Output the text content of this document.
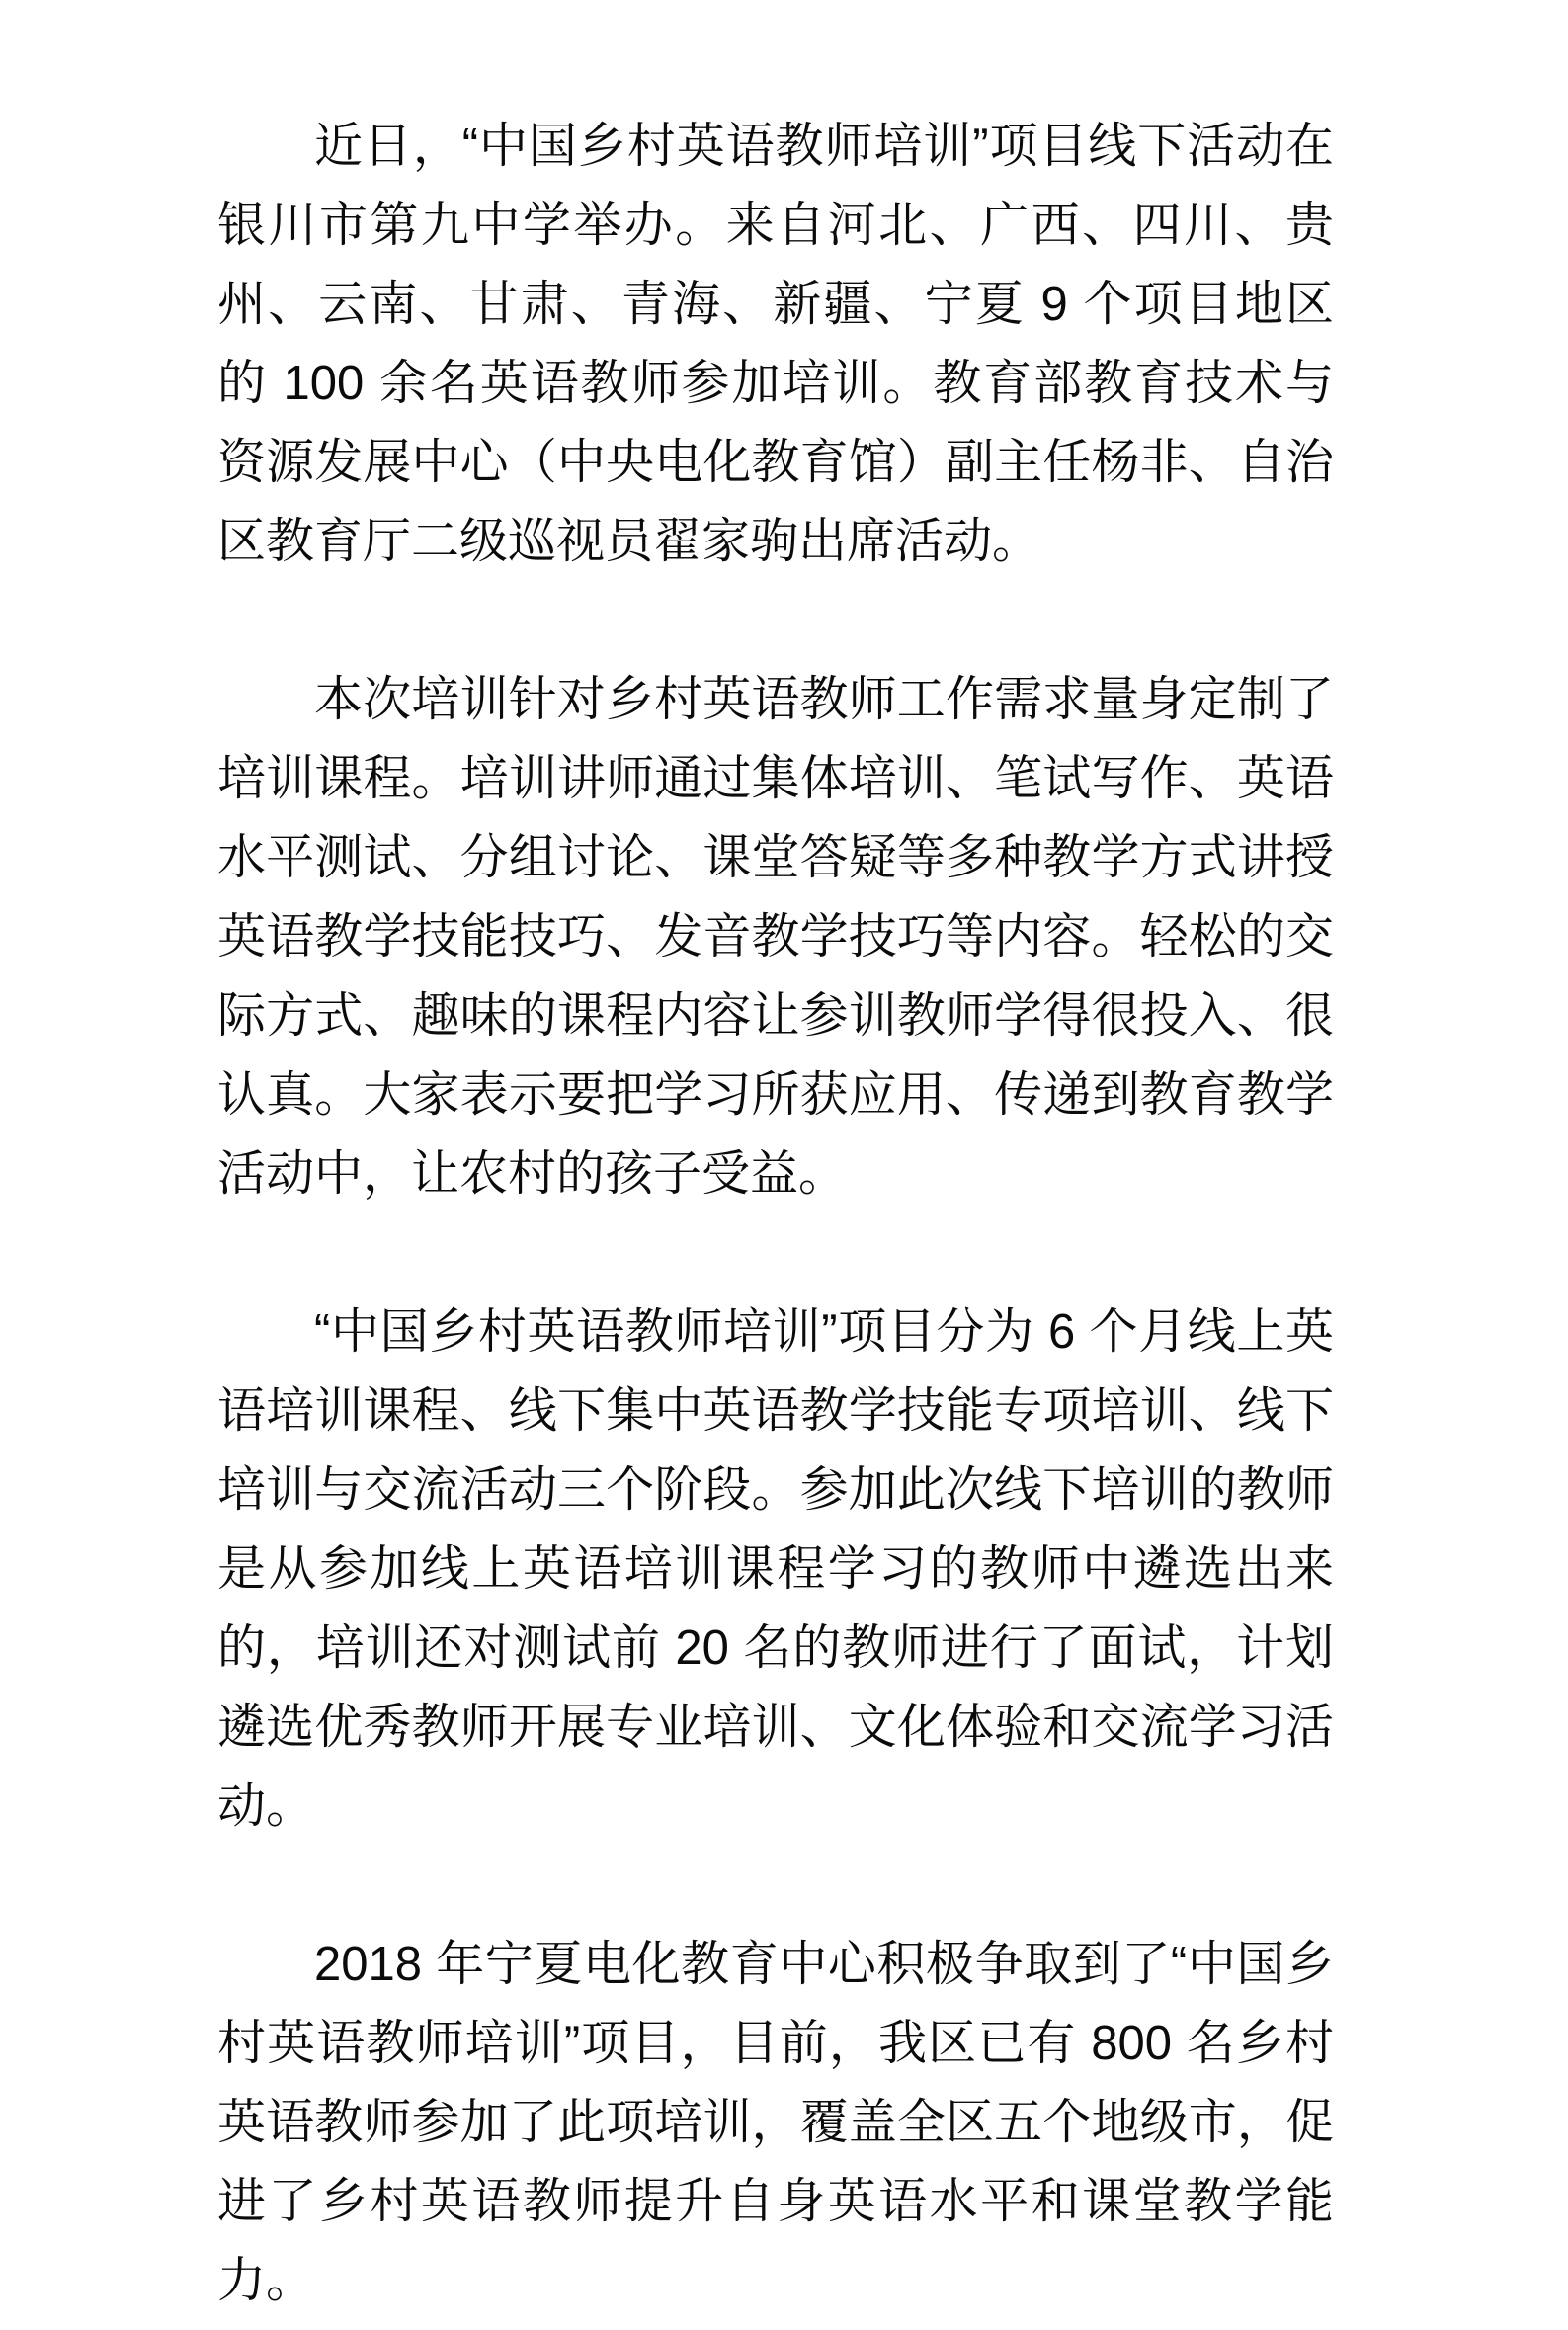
近日，“中国乡村英语教师培训”项目线下活动在银川市第九中学举办。来自河北、广西、四川、贵州、云南、甘肃、青海、新疆、宁夏 9 个项目地区的 100 余名英语教师参加培训。教育部教育技术与资源发展中心（中央电化教育馆）副主任杨非、自治区教育厅二级巡视员翟家驹出席活动。

本次培训针对乡村英语教师工作需求量身定制了培训课程。培训讲师通过集体培训、笔试写作、英语水平测试、分组讨论、课堂答疑等多种教学方式讲授英语教学技能技巧、发音教学技巧等内容。轻松的交际方式、趣味的课程内容让参训教师学得很投入、很认真。大家表示要把学习所获应用、传递到教育教学活动中，让农村的孩子受益。

“中国乡村英语教师培训”项目分为 6 个月线上英语培训课程、线下集中英语教学技能专项培训、线下培训与交流活动三个阶段。参加此次线下培训的教师是从参加线上英语培训课程学习的教师中遴选出来的，培训还对测试前 20 名的教师进行了面试，计划遴选优秀教师开展专业培训、文化体验和交流学习活动。

2018 年宁夏电化教育中心积极争取到了“中国乡村英语教师培训”项目，目前，我区已有 800 名乡村英语教师参加了此项培训，覆盖全区五个地级市，促进了乡村英语教师提升自身英语水平和课堂教学能力。
